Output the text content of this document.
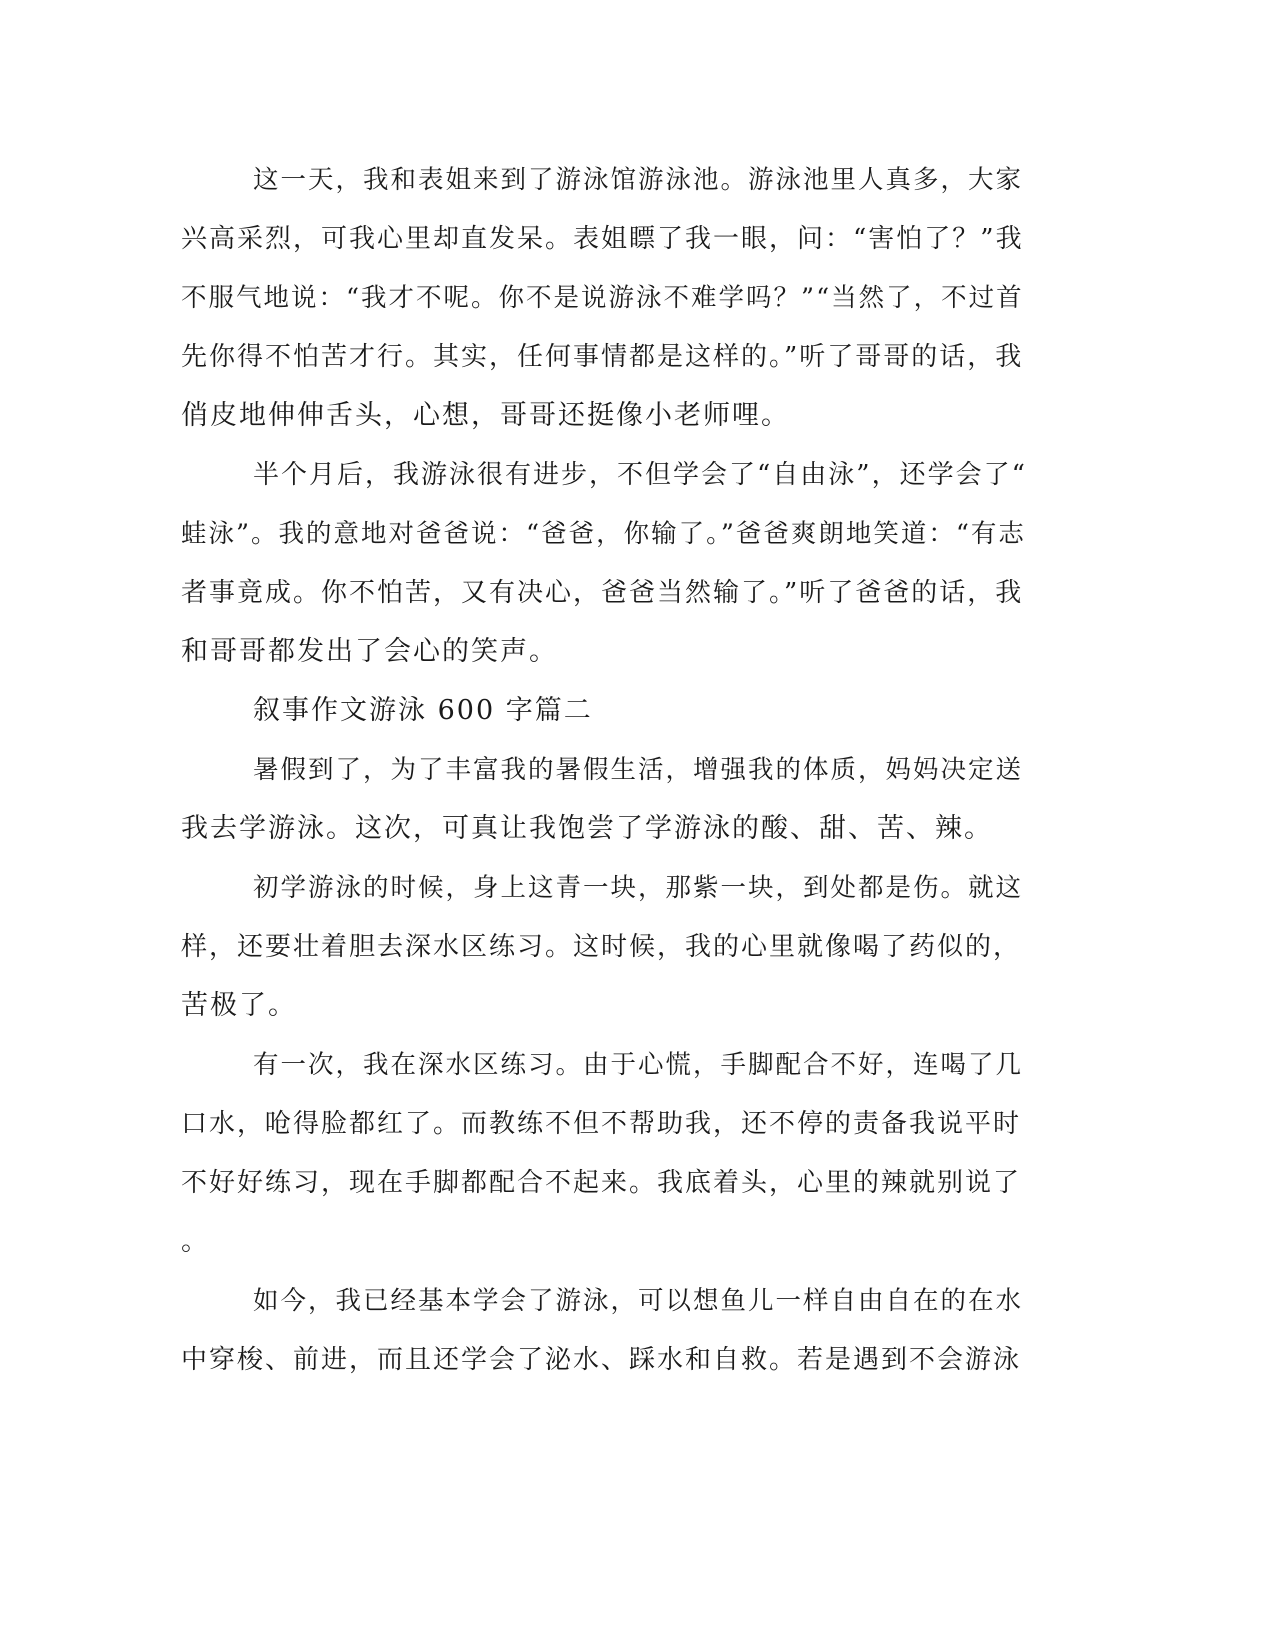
这一天，我和表姐来到了游泳馆游泳池。游泳池里人真多，大家

兴高采烈，可我心里却直发呆。表姐瞟了我一眼，问：“害怕了？”我

不服气地说：“我才不呢。你不是说游泳不难学吗？”“当然了，不过首

先你得不怕苦才行。其实，任何事情都是这样的。”听了哥哥的话，我

俏皮地伸伸舌头，心想，哥哥还挺像小老师哩。

半个月后，我游泳很有进步，不但学会了“自由泳”，还学会了“

蛙泳”。我的意地对爸爸说：“爸爸，你输了。”爸爸爽朗地笑道：“有志

者事竟成。你不怕苦，又有决心，爸爸当然输了。”听了爸爸的话，我

和哥哥都发出了会心的笑声。

叙事作文游泳 600 字篇二

暑假到了，为了丰富我的暑假生活，增强我的体质，妈妈决定送

我去学游泳。这次，可真让我饱尝了学游泳的酸、甜、苦、辣。

初学游泳的时候，身上这青一块，那紫一块，到处都是伤。就这

样，还要壮着胆去深水区练习。这时候，我的心里就像喝了药似的，

苦极了。

有一次，我在深水区练习。由于心慌，手脚配合不好，连喝了几

口水，呛得脸都红了。而教练不但不帮助我，还不停的责备我说平时

不好好练习，现在手脚都配合不起来。我底着头，心里的辣就别说了

。

如今，我已经基本学会了游泳，可以想鱼儿一样自由自在的在水

中穿梭、前进，而且还学会了泌水、踩水和自救。若是遇到不会游泳
